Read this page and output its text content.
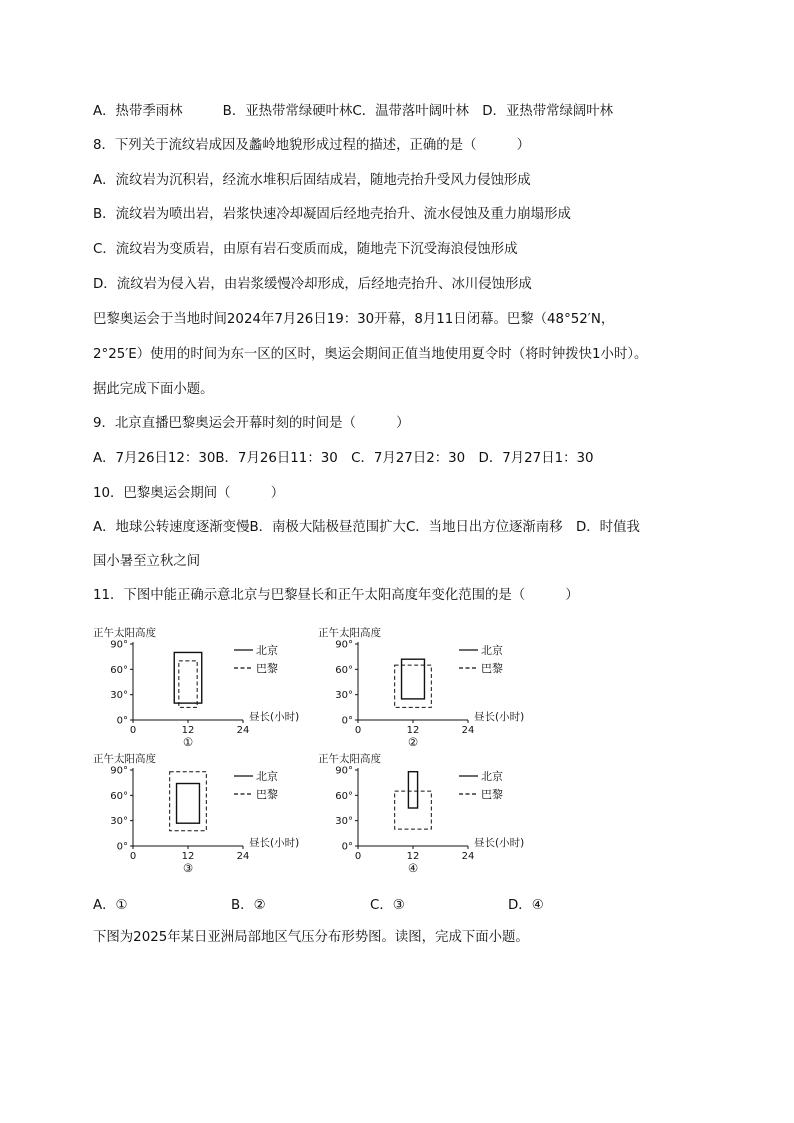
A．热带季雨林　　　B．亚热带常绿硬叶林C．温带落叶阔叶林　D．亚热带常绿阔叶林
8．下列关于流纹岩成因及蠡岭地貌形成过程的描述，正确的是（　　　）
A．流纹岩为沉积岩，经流水堆积后固结成岩，随地壳抬升受风力侵蚀形成
B．流纹岩为喷出岩，岩浆快速冷却凝固后经地壳抬升、流水侵蚀及重力崩塌形成
C．流纹岩为变质岩，由原有岩石变质而成，随地壳下沉受海浪侵蚀形成
D．流纹岩为侵入岩，由岩浆缓慢冷却形成，后经地壳抬升、冰川侵蚀形成
巴黎奥运会于当地时间2024年7月26日19：30开幕，8月11日闭幕。巴黎（48°52′N，
2°25′E）使用的时间为东一区的区时，奥运会期间正值当地使用夏令时（将时钟拨快1小时）。
据此完成下面小题。
9．北京直播巴黎奥运会开幕时刻的时间是（　　　）
A．7月26日12：30B．7月26日11：30　C．7月27日2：30　D．7月27日1：30
10．巴黎奥运会期间（　　　）
A．地球公转速度逐渐变慢B．南极大陆极昼范围扩大C．当地日出方位逐渐南移　D．时值我
国小暑至立秋之间
11．下图中能正确示意北京与巴黎昼长和正午太阳高度年变化范围的是（　　　）
正午太阳高度
90°
60°
30°
0°
0	12	24
昼长(小时)
①
北京
巴黎
正午太阳高度
90°
60°
30°
0°
0	12	24
昼长(小时)
②
北京
巴黎
正午太阳高度
90°
60°
30°
0°
0	12	24
昼长(小时)
③
北京
巴黎
正午太阳高度
90°
60°
30°
0°
0	12	24
昼长(小时)
④
北京
巴黎
A．①	B．②	C．③	D．④
下图为2025年某日亚洲局部地区气压分布形势图。读图，完成下面小题。
